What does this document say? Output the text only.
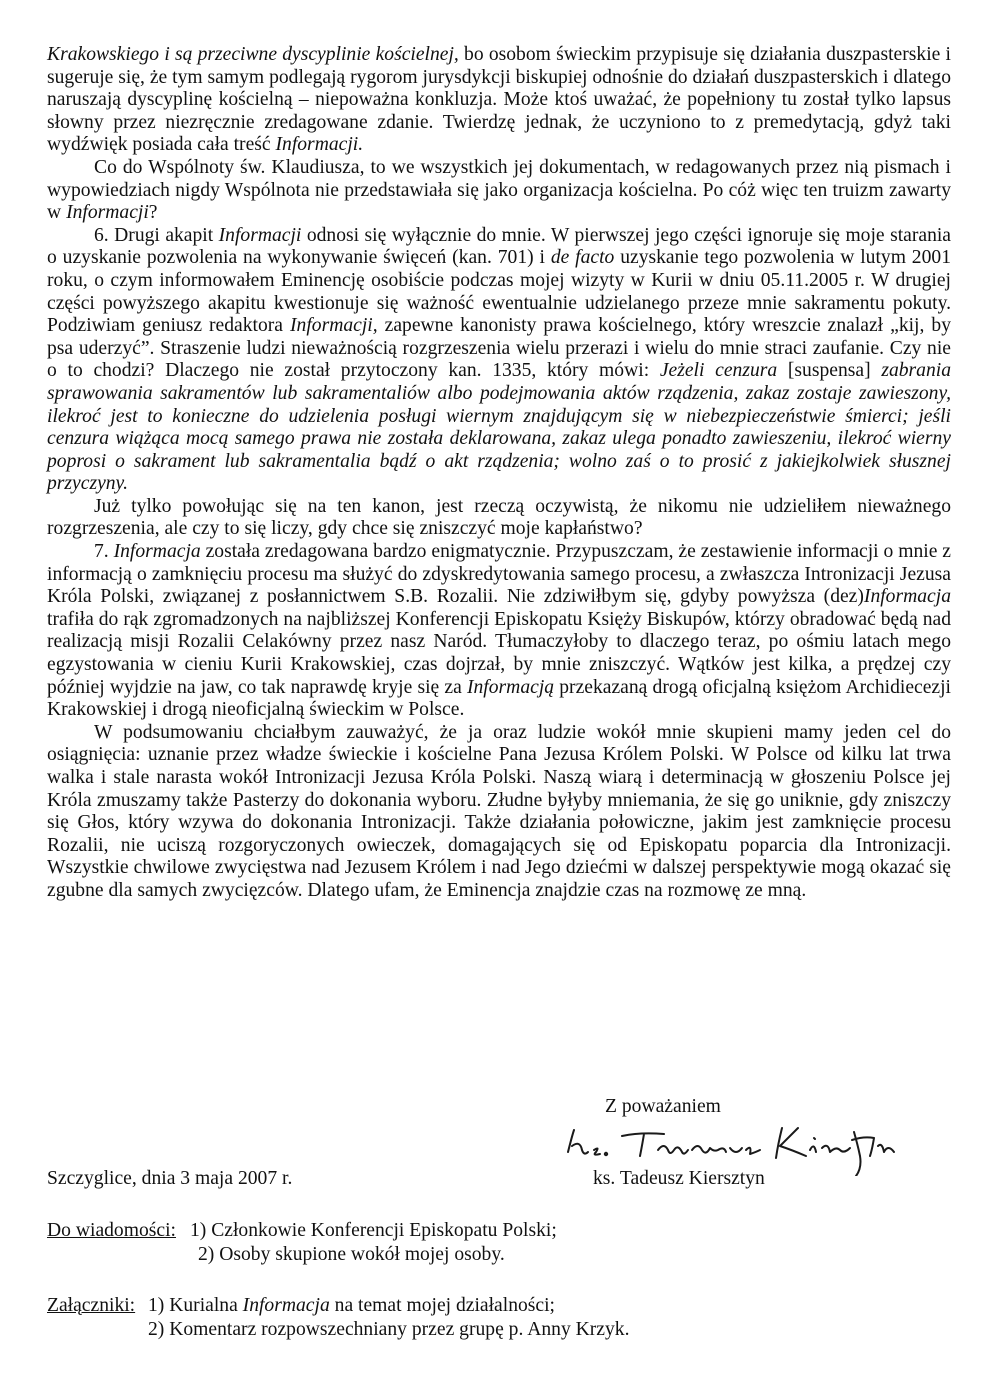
Krakowskiego i są przeciwne dyscyplinie kościelnej, bo osobom świeckim przypisuje się działania duszpasterskie i sugeruje się, że tym samym podlegają rygorom jurysdykcji biskupiej odnośnie do działań duszpasterskich i dlatego naruszają dyscyplinę kościelną – niepoważna konkluzja. Może ktoś uważać, że popełniony tu został tylko lapsus słowny przez niezręcznie zredagowane zdanie. Twierdzę jednak, że uczyniono to z premedytacją, gdyż taki wydźwięk posiada cała treść Informacji.

Co do Wspólnoty św. Klaudiusza, to we wszystkich jej dokumentach, w redagowanych przez nią pismach i wypowiedziach nigdy Wspólnota nie przedstawiała się jako organizacja kościelna. Po cóż więc ten truizm zawarty w Informacji?

6. Drugi akapit Informacji odnosi się wyłącznie do mnie. W pierwszej jego części ignoruje się moje starania o uzyskanie pozwolenia na wykonywanie święceń (kan. 701) i de facto uzyskanie tego pozwolenia w lutym 2001 roku, o czym informowałem Eminencję osobiście podczas mojej wizyty w Kurii w dniu 05.11.2005 r. W drugiej części powyższego akapitu kwestionuje się ważność ewentualnie udzielanego przeze mnie sakramentu pokuty. Podziwiam geniusz redaktora Informacji, zapewne kanonisty prawa kościelnego, który wreszcie znalazł „kij, by psa uderzyć”. Straszenie ludzi nieważnością rozgrzeszenia wielu przerazi i wielu do mnie straci zaufanie. Czy nie o to chodzi? Dlaczego nie został przytoczony kan. 1335, który mówi: Jeżeli cenzura [suspensa] zabrania sprawowania sakramentów lub sakramentaliów albo podejmowania aktów rządzenia, zakaz zostaje zawieszony, ilekroć jest to konieczne do udzielenia posługi wiernym znajdującym się w niebezpieczeństwie śmierci; jeśli cenzura wiążąca mocą samego prawa nie została deklarowana, zakaz ulega ponadto zawieszeniu, ilekroć wierny poprosi o sakrament lub sakramentalia bądź o akt rządzenia; wolno zaś o to prosić z jakiejkolwiek słusznej przyczyny.

Już tylko powołując się na ten kanon, jest rzeczą oczywistą, że nikomu nie udzieliłem nieważnego rozgrzeszenia, ale czy to się liczy, gdy chce się zniszczyć moje kapłaństwo?

7. Informacja została zredagowana bardzo enigmatycznie. Przypuszczam, że zestawienie informacji o mnie z informacją o zamknięciu procesu ma służyć do zdyskredytowania samego procesu, a zwłaszcza Intronizacji Jezusa Króla Polski, związanej z posłannictwem S.B. Rozalii. Nie zdziwiłbym się, gdyby powyższa (dez)Informacja trafiła do rąk zgromadzonych na najbliższej Konferencji Episkopatu Księży Biskupów, którzy obradować będą nad realizacją misji Rozalii Celakówny przez nasz Naród. Tłumaczyłoby to dlaczego teraz, po ośmiu latach mego egzystowania w cieniu Kurii Krakowskiej, czas dojrzał, by mnie zniszczyć. Wątków jest kilka, a prędzej czy później wyjdzie na jaw, co tak naprawdę kryje się za Informacją przekazaną drogą oficjalną księżom Archidiecezji Krakowskiej i drogą nieoficjalną świeckim w Polsce.

W podsumowaniu chciałbym zauważyć, że ja oraz ludzie wokół mnie skupieni mamy jeden cel do osiągnięcia: uznanie przez władze świeckie i kościelne Pana Jezusa Królem Polski. W Polsce od kilku lat trwa walka i stale narasta wokół Intronizacji Jezusa Króla Polski. Naszą wiarą i determinacją w głoszeniu Polsce jej Króla zmuszamy także Pasterzy do dokonania wyboru. Złudne byłyby mniemania, że się go uniknie, gdy zniszczy się Głos, który wzywa do dokonania Intronizacji. Także działania połowiczne, jakim jest zamknięcie procesu Rozalii, nie uciszą rozgoryczonych owieczek, domagających się od Episkopatu poparcia dla Intronizacji. Wszystkie chwilowe zwycięstwa nad Jezusem Królem i nad Jego dziećmi w dalszej perspektywie mogą okazać się zgubne dla samych zwycięzców. Dlatego ufam, że Eminencja znajdzie czas na rozmowę ze mną.

Z poważaniem
Szczyglice, dnia 3 maja 2007 r.	ks. Tadeusz Kiersztyn
Do wiadomości: 1) Członkowie Konferencji Episkopatu Polski;
2) Osoby skupione wokół mojej osoby.
Załączniki: 1) Kurialna Informacja na temat mojej działalności;
2) Komentarz rozpowszechniany przez grupę p. Anny Krzyk.
